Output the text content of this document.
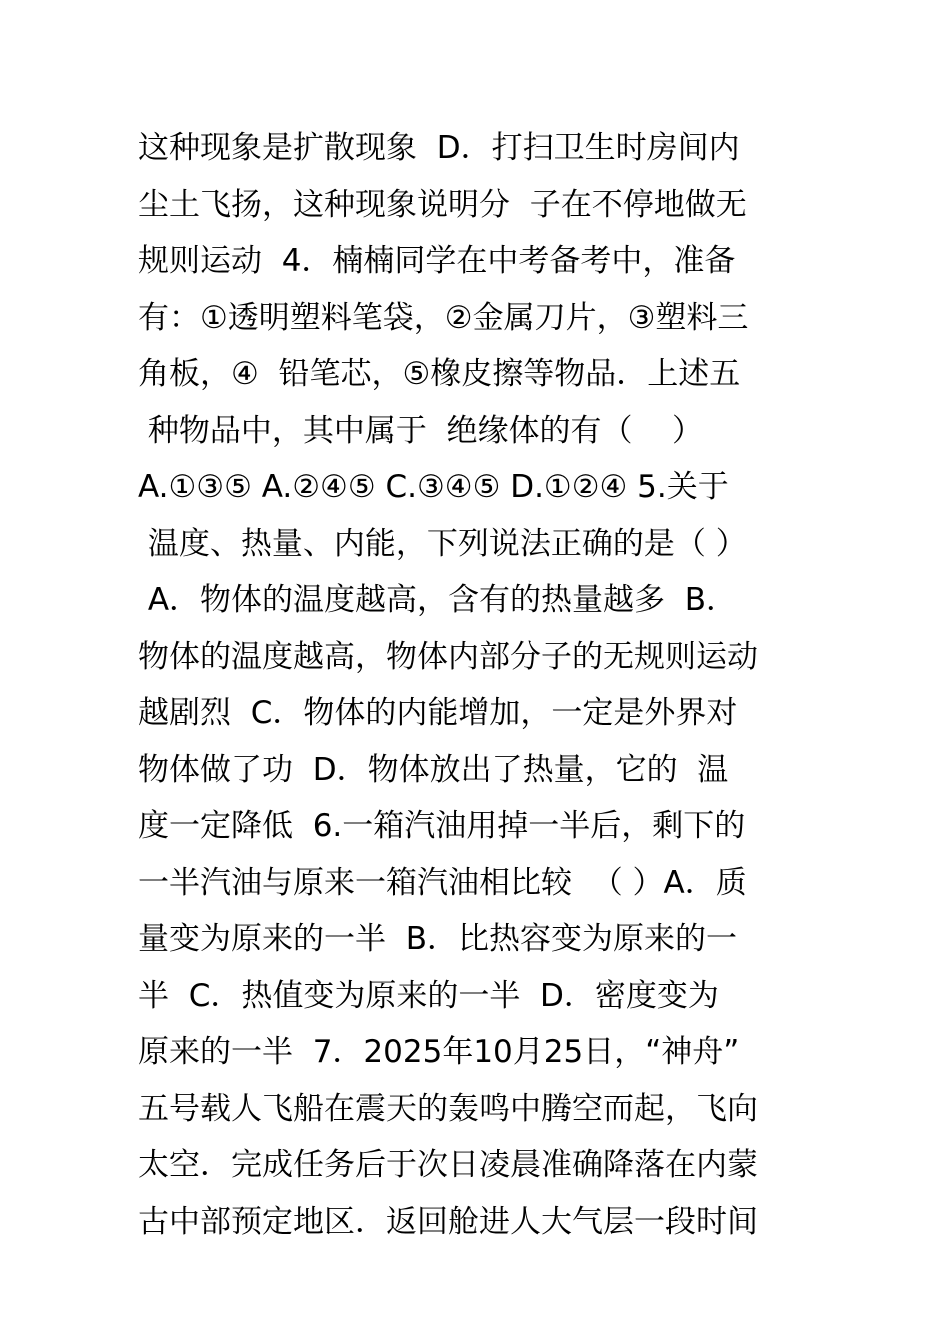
这种现象是扩散现象  D．打扫卫生时房间内
尘土飞扬，这种现象说明分  子在不停地做无
规则运动  4．楠楠同学在中考备考中，准备
有：①透明塑料笔袋，②金属刀片，③塑料三
角板，④  铅笔芯，⑤橡皮擦等物品．上述五
种物品中，其中属于  绝缘体的有（    ）
A.①③⑤ A.②④⑤ C.③④⑤ D.①②④ 5.关于
温度、热量、内能，下列说法正确的是（ ）
A．物体的温度越高，含有的热量越多  B．
物体的温度越高，物体内部分子的无规则运动
越剧烈  C．物体的内能增加，一定是外界对
物体做了功  D．物体放出了热量，它的  温
度一定降低  6.一箱汽油用掉一半后，剩下的
一半汽油与原来一箱汽油相比较  （ ）A．质
量变为原来的一半  B．比热容变为原来的一
半  C．热值变为原来的一半  D．密度变为
原来的一半  7．2025年10月25日，“神舟”
五号载人飞船在震天的轰鸣中腾空而起，飞向
太空．完成任务后于次日凌晨准确降落在内蒙
古中部预定地区．返回舱进人大气层一段时间
